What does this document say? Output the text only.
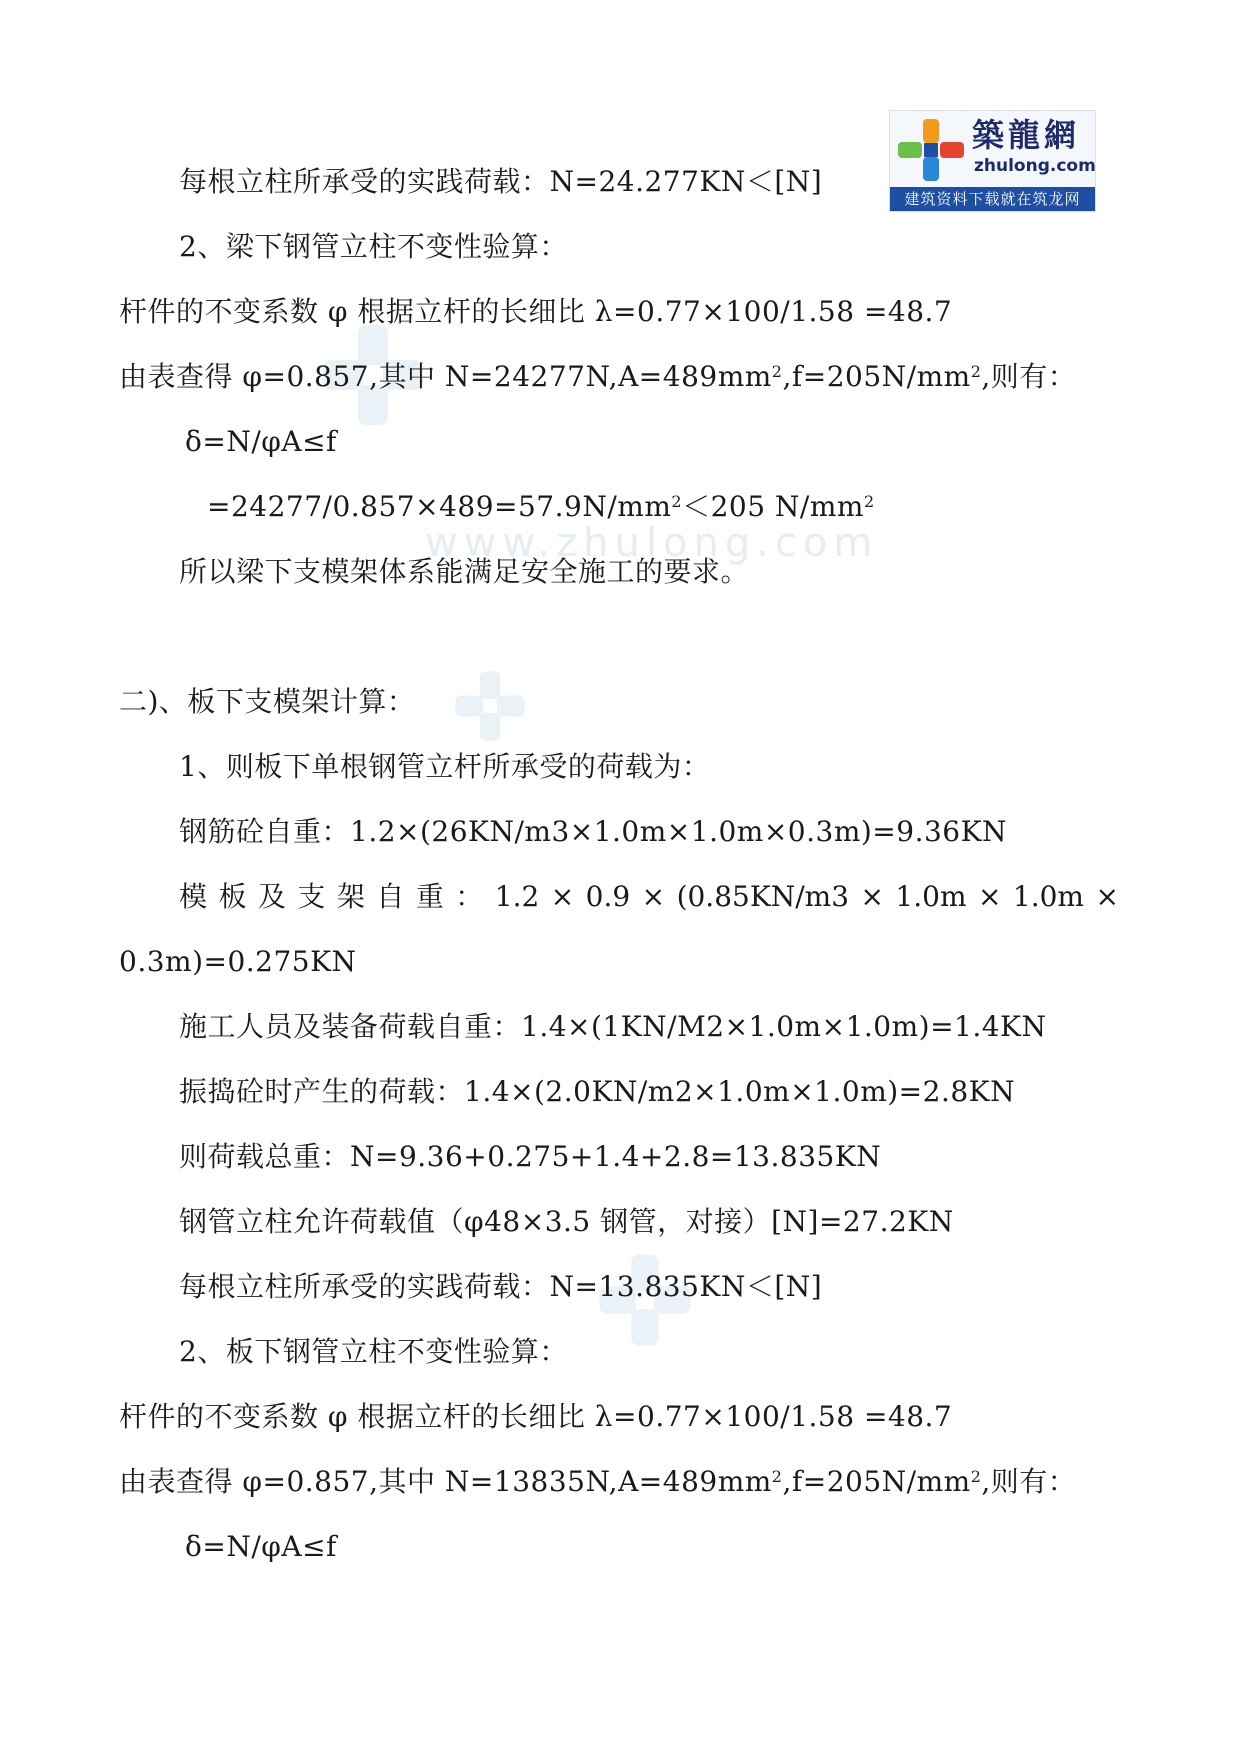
www.zhulong.com
築龍網
zhulong.com
建筑资料下载就在筑龙网
每根立柱所承受的实践荷载：N=24.277KN＜[N]
2、梁下钢管立柱不变性验算：
杆件的不变系数 φ 根据立杆的长细比 λ=0.77×100/1.58 =48.7
由表查得 φ=0.857,其中 $N=24277N,A=489mm^2,f=205N/mm^2$,则有：
δ=N/φA≤f
$=24277/0.857\times 489=57.9N/mm^2<205$ $N/mm^2$
所以梁下支模架体系能满足安全施工的要求。
二)、板下支模架计算：
1、则板下单根钢管立杆所承受的荷载为：
钢筋砼自重：1.2×(26KN/m3×1.0m×1.0m×0.3m)=9.36KN
模 板 及 支 架 自 重 ： 1.2 × 0.9 × (0.85KN/m3 × 1.0m × 1.0m ×
0.3m)=0.275KN
施工人员及装备荷载自重：1.4×(1KN/M2×1.0m×1.0m)=1.4KN
振捣砼时产生的荷载：1.4×(2.0KN/m2×1.0m×1.0m)=2.8KN
则荷载总重：N=9.36+0.275+1.4+2.8=13.835KN
钢管立柱允许荷载值（φ48×3.5 钢管，对接）[N]=27.2KN
每根立柱所承受的实践荷载：N=13.835KN＜[N]
2、板下钢管立柱不变性验算：
杆件的不变系数 φ 根据立杆的长细比 λ=0.77×100/1.58 =48.7
由表查得 φ=0.857,其中 $N=13835N,A=489mm^2,f=205N/mm^2$,则有：
δ=N/φA≤f
